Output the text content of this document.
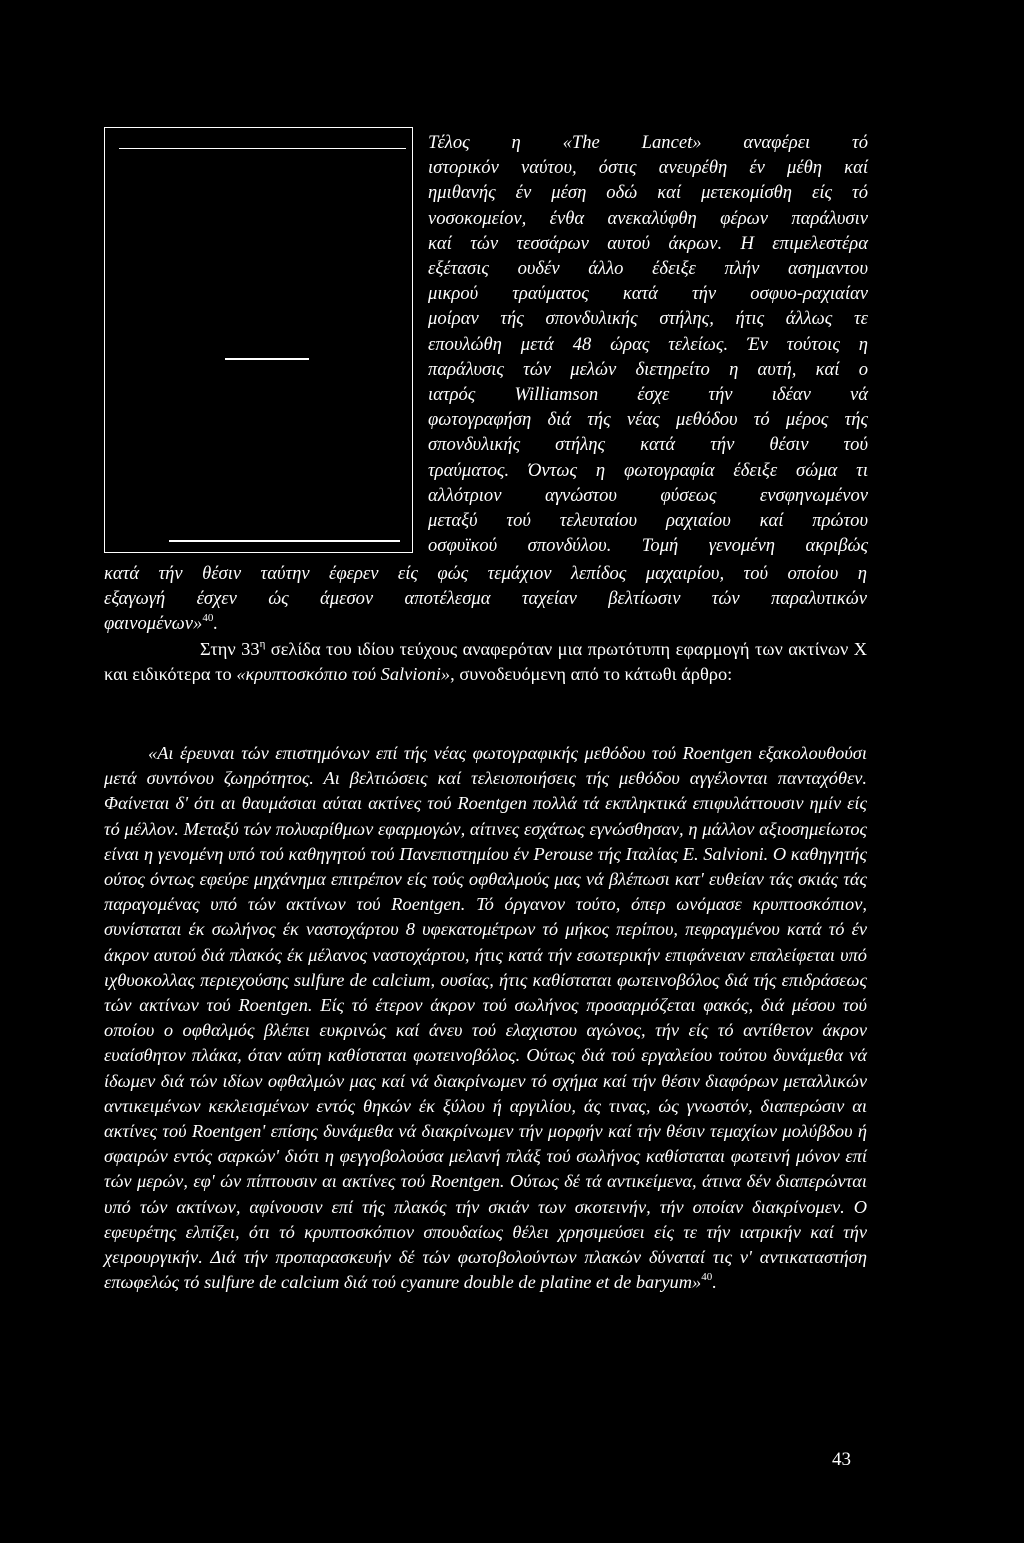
Τέλος η «The Lancet» αναφέρει τό
ιστορικόν ναύτου, όστις ανευρέθη έν μέθη καί
ημιθανής έν μέση οδώ καί μετεκομίσθη είς τό
νοσοκομείον, ένθα ανεκαλύφθη φέρων παράλυσιν
καί τών τεσσάρων αυτού άκρων. Η επιμελεστέρα
εξέτασις ουδέν άλλο έδειξε πλήν ασημαντου
μικρού τραύματος κατά τήν οσφυο-ραχιαίαν
μοίραν τής σπονδυλικής στήλης, ήτις άλλως τε
επουλώθη μετά 48 ώρας τελείως. Έν τούτοις η
παράλυσις τών μελών διετηρείτο η αυτή, καί ο
ιατρός Williamson έσχε τήν ιδέαν νά
φωτογραφήση διά τής νέας μεθόδου τό μέρος τής
σπονδυλικής στήλης κατά τήν θέσιν τού
τραύματος. Όντως η φωτογραφία έδειξε σώμα τι
αλλότριον αγνώστου φύσεως ενσφηνωμένον
μεταξύ τού τελευταίου ραχιαίου καί πρώτου
οσφυϊκού σπονδύλου. Τομή γενομένη ακριβώς
κατά τήν θέσιν ταύτην έφερεν είς φώς τεμάχιον λεπίδος μαχαιρίου, τού οποίου η
εξαγωγή έσχεν ώς άμεσον αποτέλεσμα ταχείαν βελτίωσιν τών παραλυτικών
φαινομένων»$^{40}$.

Στην $33^\eta$ σελίδα του ιδίου τεύχους αναφερόταν μια πρωτότυπη εφαρμογή των ακτίνων Χ και ειδικότερα το «κρυπτοσκόπιο τού Salvioni», συνοδευόμενη από το κάτωθι άρθρο:

«Αι έρευναι τών επιστημόνων επί τής νέας φωτογραφικής μεθόδου τού Roentgen εξακολουθούσι μετά συντόνου ζωηρότητος. Αι βελτιώσεις καί τελειοποιήσεις τής μεθόδου αγγέλονται πανταχόθεν. Φαίνεται δ' ότι αι θαυμάσιαι αύται ακτίνες τού Roentgen πολλά τά εκπληκτικά επιφυλάττουσιν ημίν είς τό μέλλον. Μεταξύ τών πολυαρίθμων εφαρμογών, αίτινες εσχάτως εγνώσθησαν, η μάλλον αξιοσημείωτος είναι η γενομένη υπό τού καθηγητού τού Πανεπιστημίου έν Perouse τής Ιταλίας E. Salvioni. Ο καθηγητής ούτος όντως εφεύρε μηχάνημα επιτρέπον είς τούς οφθαλμούς μας νά βλέπωσι κατ' ευθείαν τάς σκιάς τάς παραγομένας υπό τών ακτίνων τού Roentgen. Τό όργανον τούτο, όπερ ωνόμασε κρυπτοσκόπιον, συνίσταται έκ σωλήνος έκ ναστοχάρτου 8 υφεκατομέτρων τό μήκος περίπου, πεφραγμένου κατά τό έν άκρον αυτού διά πλακός έκ μέλανος ναστοχάρτου, ήτις κατά τήν εσωτερικήν επιφάνειαν επαλείφεται υπό ιχθυοκολλας περιεχούσης sulfure de calcium, ουσίας, ήτις καθίσταται φωτεινοβόλος διά τής επιδράσεως τών ακτίνων τού Roentgen. Είς τό έτερον άκρον τού σωλήνος προσαρμόζεται φακός, διά μέσου τού οποίου ο οφθαλμός βλέπει ευκρινώς καί άνευ τού ελαχιστου αγώνος, τήν είς τό αντίθετον άκρον ευαίσθητον πλάκα, όταν αύτη καθίσταται φωτεινοβόλος. Ούτως διά τού εργαλείου τούτου δυνάμεθα νά ίδωμεν διά τών ιδίων οφθαλμών μας καί νά διακρίνωμεν τό σχήμα καί τήν θέσιν διαφόρων μεταλλικών αντικειμένων κεκλεισμένων εντός θηκών έκ ξύλου ή αργιλίου, άς τινας, ώς γνωστόν, διαπερώσιν αι ακτίνες τού Roentgen' επίσης δυνάμεθα νά διακρίνωμεν τήν μορφήν καί τήν θέσιν τεμαχίων μολύβδου ή σφαιρών εντός σαρκών' διότι η φεγγοβολούσα μελανή πλάξ τού σωλήνος καθίσταται φωτεινή μόνον επί τών μερών, εφ' ών πίπτουσιν αι ακτίνες τού Roentgen. Ούτως δέ τά αντικείμενα, άτινα δέν διαπερώνται υπό τών ακτίνων, αφίνουσιν επί τής πλακός τήν σκιάν των σκοτεινήν, τήν οποίαν διακρίνομεν. Ο εφευρέτης ελπίζει, ότι τό κρυπτοσκόπιον σπουδαίως θέλει χρησιμεύσει είς τε τήν ιατρικήν καί τήν χειρουργικήν. Διά τήν προπαρασκευήν δέ τών φωτοβολούντων πλακών δύναταί τις ν' αντικαταστήση επωφελώς τό sulfure de calcium διά τού cyanure double de platine et de baryum»$^{40}$.

43
